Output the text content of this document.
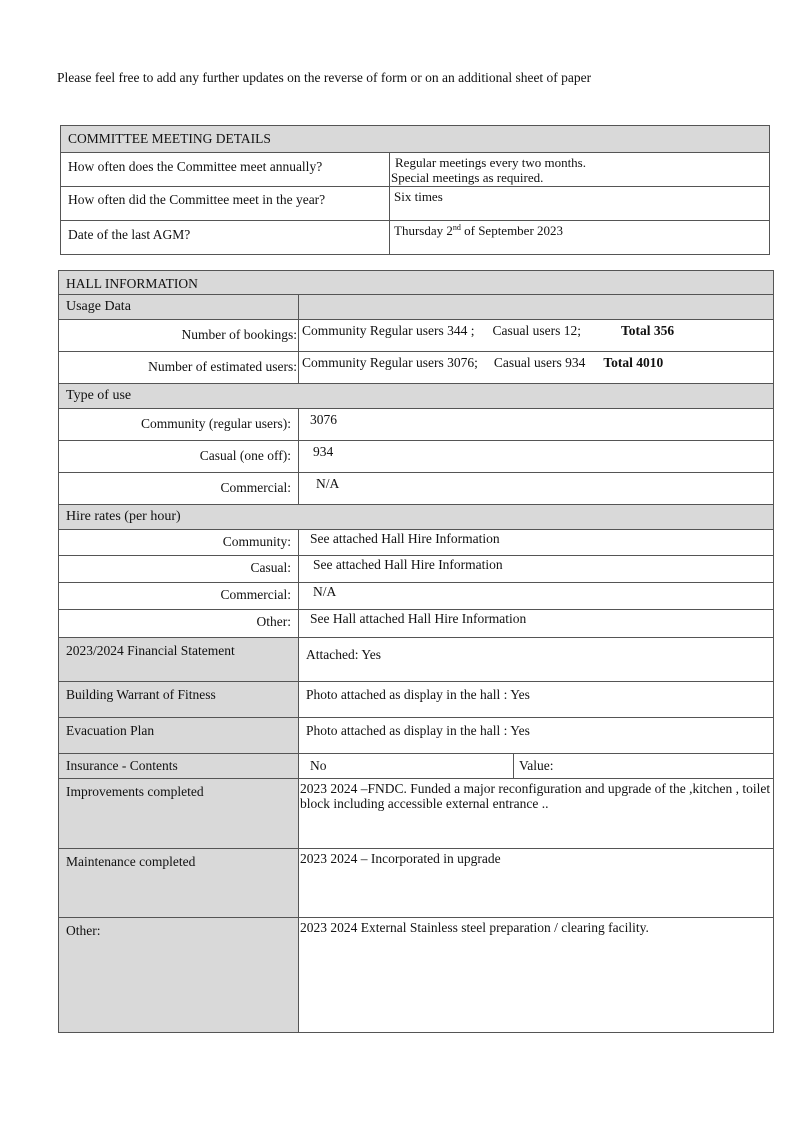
Please feel free to add any further updates on the reverse of form or on an additional sheet of paper
COMMITTEE MEETING DETAILS	
How often does the Committee meet annually?	Regular meetings every two months.
Special meetings as required.

How often did the Committee meet in the year?	Six times
Date of the last AGM?	Thursday 2nd of September 2023
HALL INFORMATION		
Usage Data		
Number of bookings:	Community Regular users 344 ; Casual users 12; Total 356	
Number of estimated users:	Community Regular users 3076; Casual users 934 Total 4010	
Type of use		
Community (regular users):	3076	
Casual (one off):	934	
Commercial:	N/A	
Hire rates (per hour)		
Community:	See attached Hall Hire Information	
Casual:	See attached Hall Hire Information	
Commercial:	N/A	
Other:	See Hall attached Hall Hire Information	
2023/2024 Financial Statement	Attached: Yes	
Building Warrant of Fitness	Photo attached as display in the hall : Yes	
Evacuation Plan	Photo attached as display in the hall : Yes	
Insurance - Contents	No	Value:
Improvements completed	2023 2024 –FNDC. Funded a major reconfiguration and upgrade of the ,kitchen , toilet block including accessible external entrance ..	
Maintenance completed	2023 2024 – Incorporated in upgrade	
Other:	2023 2024 External Stainless steel preparation / clearing facility.	
